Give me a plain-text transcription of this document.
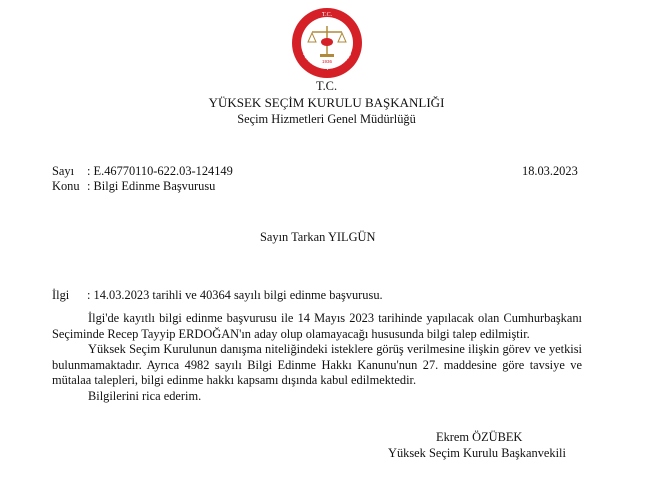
T.C.
1936
YÜKSEK SEÇİM KURULU
T.C.
YÜKSEK SEÇİM KURULU BAŞKANLIĞI
Seçim Hizmetleri Genel Müdürlüğü
Sayı : E.46770110-622.03-124149	18.03.2023
Konu : Bilgi Edinme Başvurusu
Sayın Tarkan YILGÜN
İlgi : 14.03.2023 tarihli ve 40364 sayılı bilgi edinme başvurusu.
İlgi'de kayıtlı bilgi edinme başvurusu ile 14 Mayıs 2023 tarihinde yapılacak olan Cumhurbaşkanı Seçiminde Recep Tayyip ERDOĞAN'ın aday olup olamayacağı hususunda bilgi talep edilmiştir.
Yüksek Seçim Kurulunun danışma niteliğindeki isteklere görüş verilmesine ilişkin görev ve yetkisi bulunmamaktadır. Ayrıca 4982 sayılı Bilgi Edinme Hakkı Kanunu'nun 27. maddesine göre tavsiye ve mütalaa talepleri, bilgi edinme hakkı kapsamı dışında kabul edilmektedir.
Bilgilerini rica ederim.
Ekrem ÖZÜBEK
Yüksek Seçim Kurulu Başkanvekili
